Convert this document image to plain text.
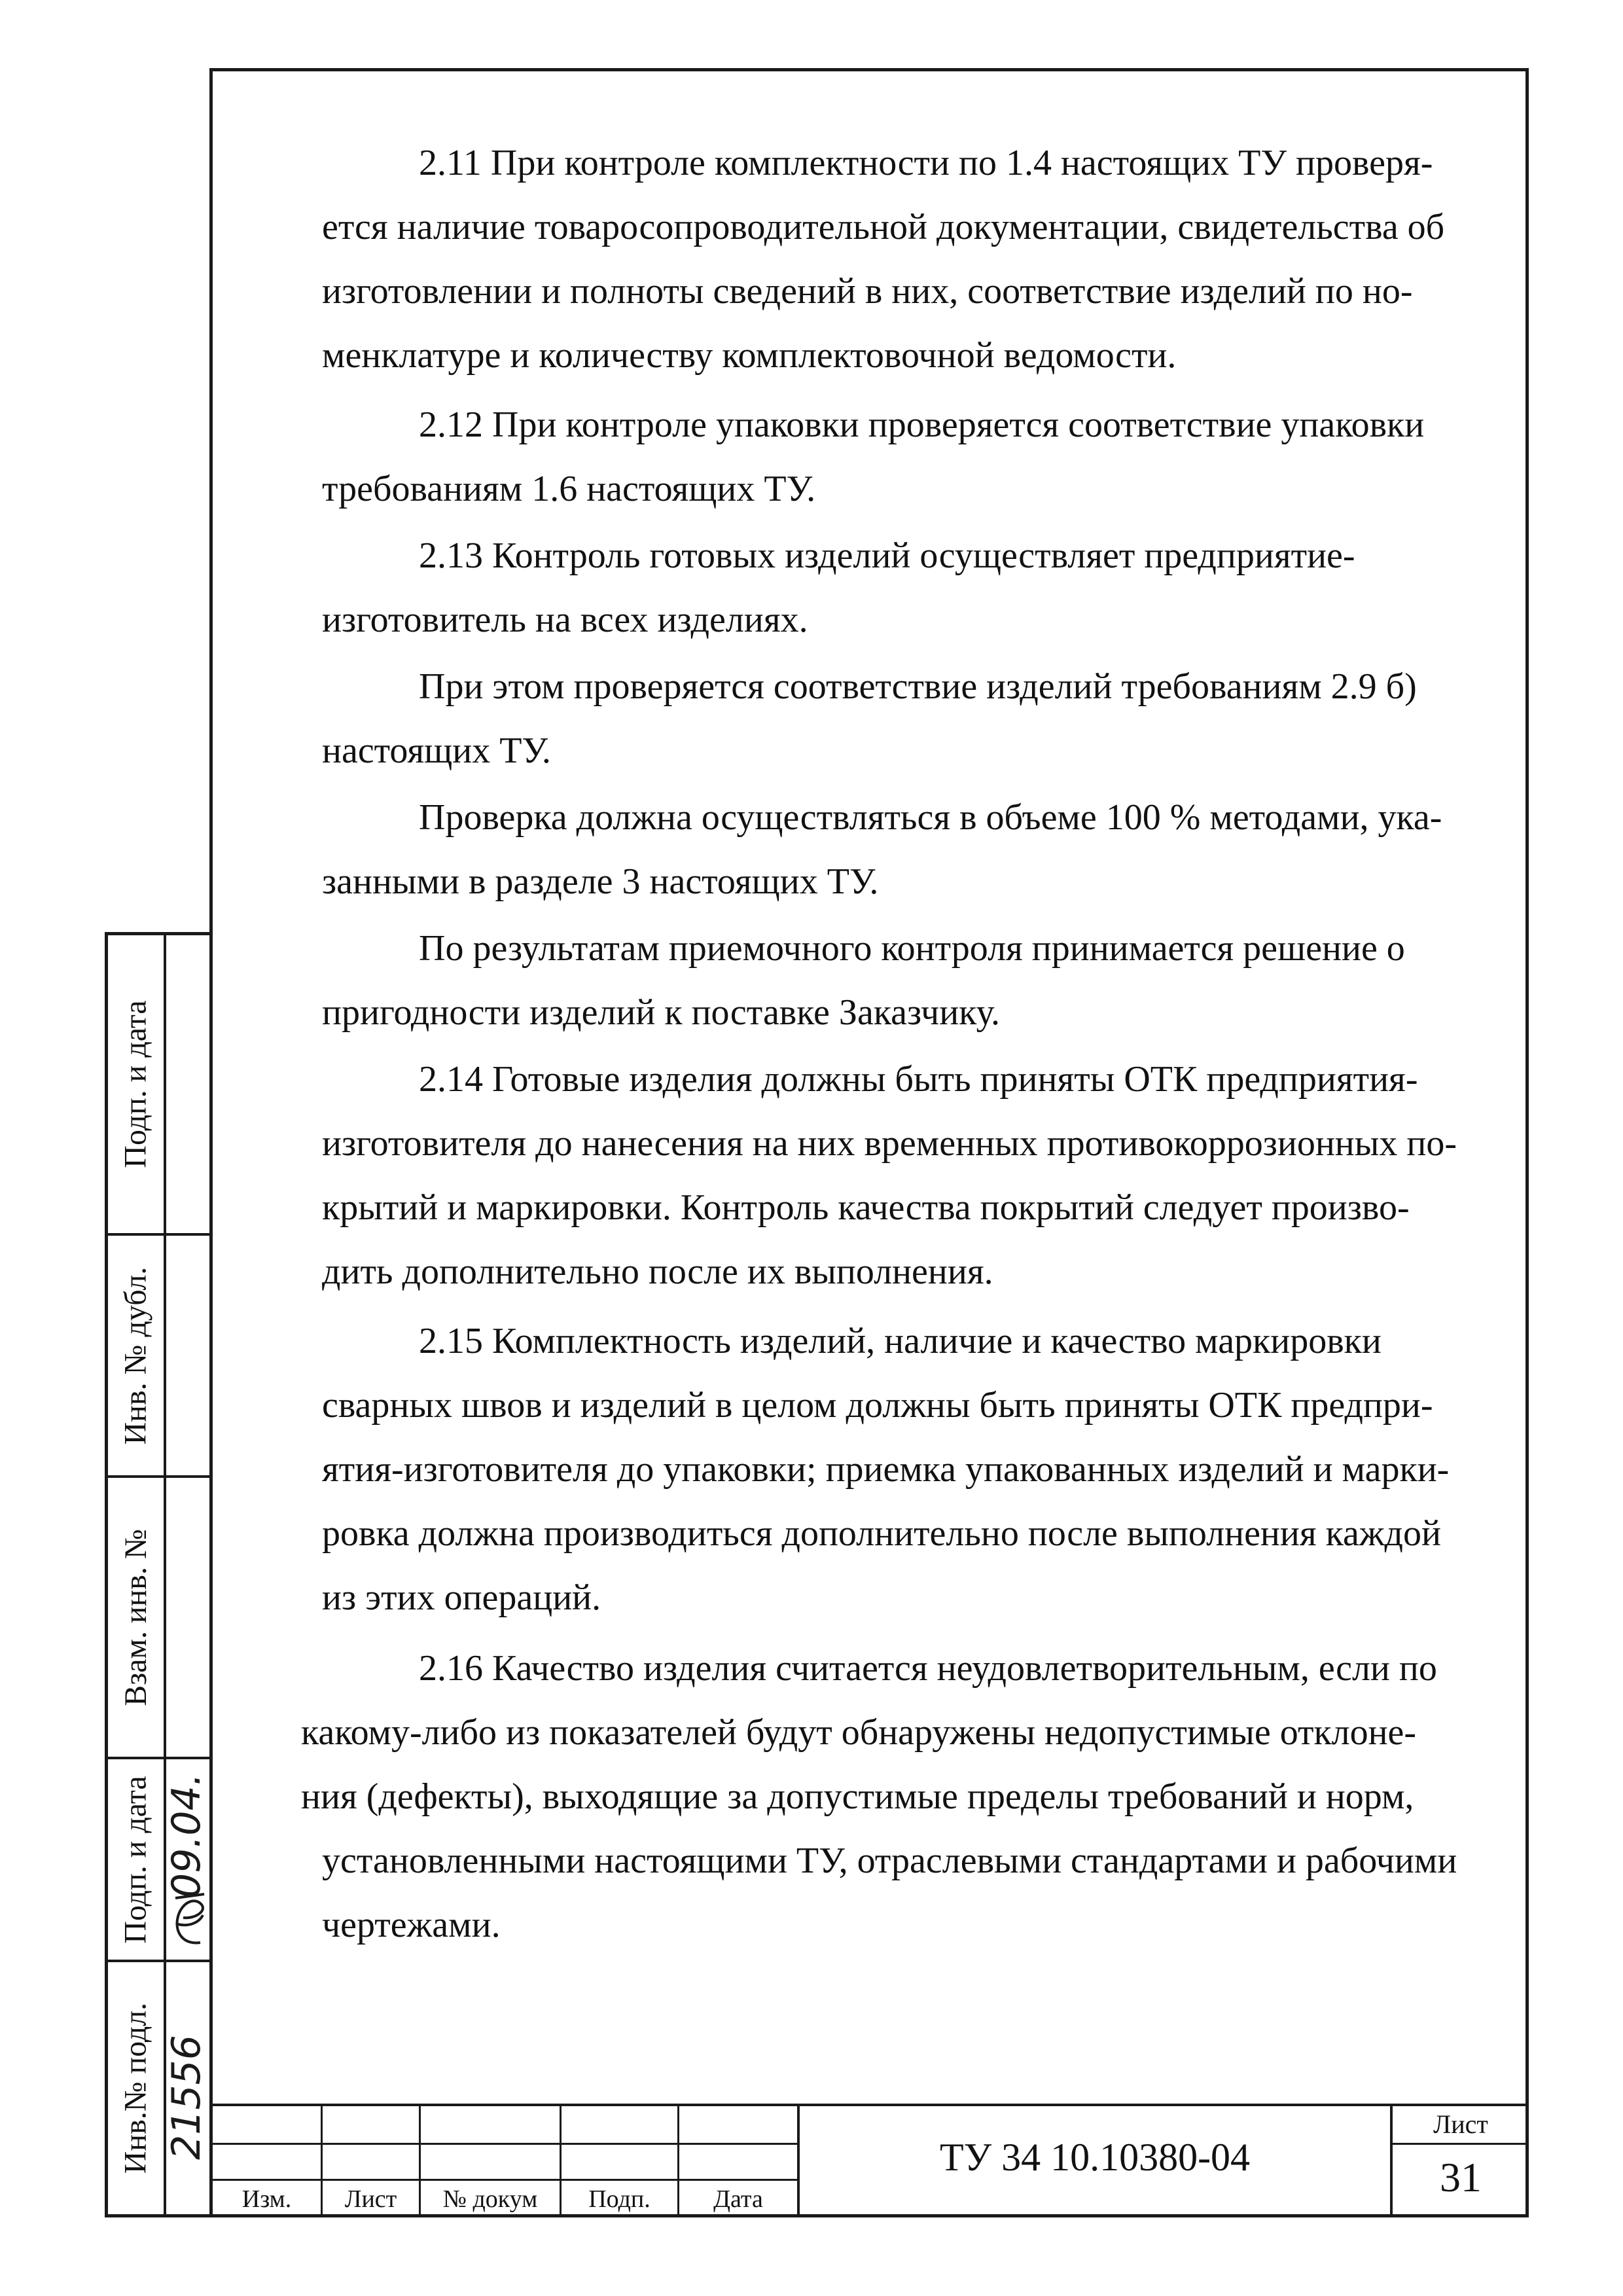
2.11 При контроле комплектности по 1.4 настоящих ТУ проверя-
ется наличие товаросопроводительной документации, свидетельства об
изготовлении и полноты сведений в них, соответствие изделий по но-
менклатуре и количеству комплектовочной ведомости.
2.12 При контроле упаковки проверяется соответствие упаковки
требованиям 1.6 настоящих ТУ.
2.13 Контроль готовых изделий осуществляет предприятие-
изготовитель на всех изделиях.
При этом проверяется соответствие изделий требованиям 2.9 б)
настоящих ТУ.
Проверка должна осуществляться в объеме 100 % методами, ука-
занными в разделе 3 настоящих ТУ.
По результатам приемочного контроля принимается решение о
пригодности изделий к поставке Заказчику.
2.14 Готовые изделия должны быть приняты ОТК предприятия-
изготовителя до нанесения на них временных противокоррозионных по-
крытий и маркировки. Контроль качества покрытий следует произво-
дить дополнительно после их выполнения.
2.15 Комплектность изделий, наличие и качество маркировки
сварных швов и изделий в целом должны быть приняты ОТК предпри-
ятия-изготовителя до упаковки; приемка упакованных изделий и марки-
ровка должна производиться дополнительно после выполнения каждой
из этих операций.
2.16 Качество изделия считается неудовлетворительным, если по
какому-либо из показателей будут обнаружены недопустимые отклоне-
ния (дефекты), выходящие за допустимые пределы требований и норм,
установленными настоящими ТУ, отраслевыми стандартами и рабочими
чертежами.
Подп. и дата
Инв. № дубл.
Взам. инв. №
Подп. и дата
Инв.№ подл.
09.04.
21556
Изм.	Лист	№ докум	Подп.	Дата
ТУ 34 10.10380-04
Лист
31
